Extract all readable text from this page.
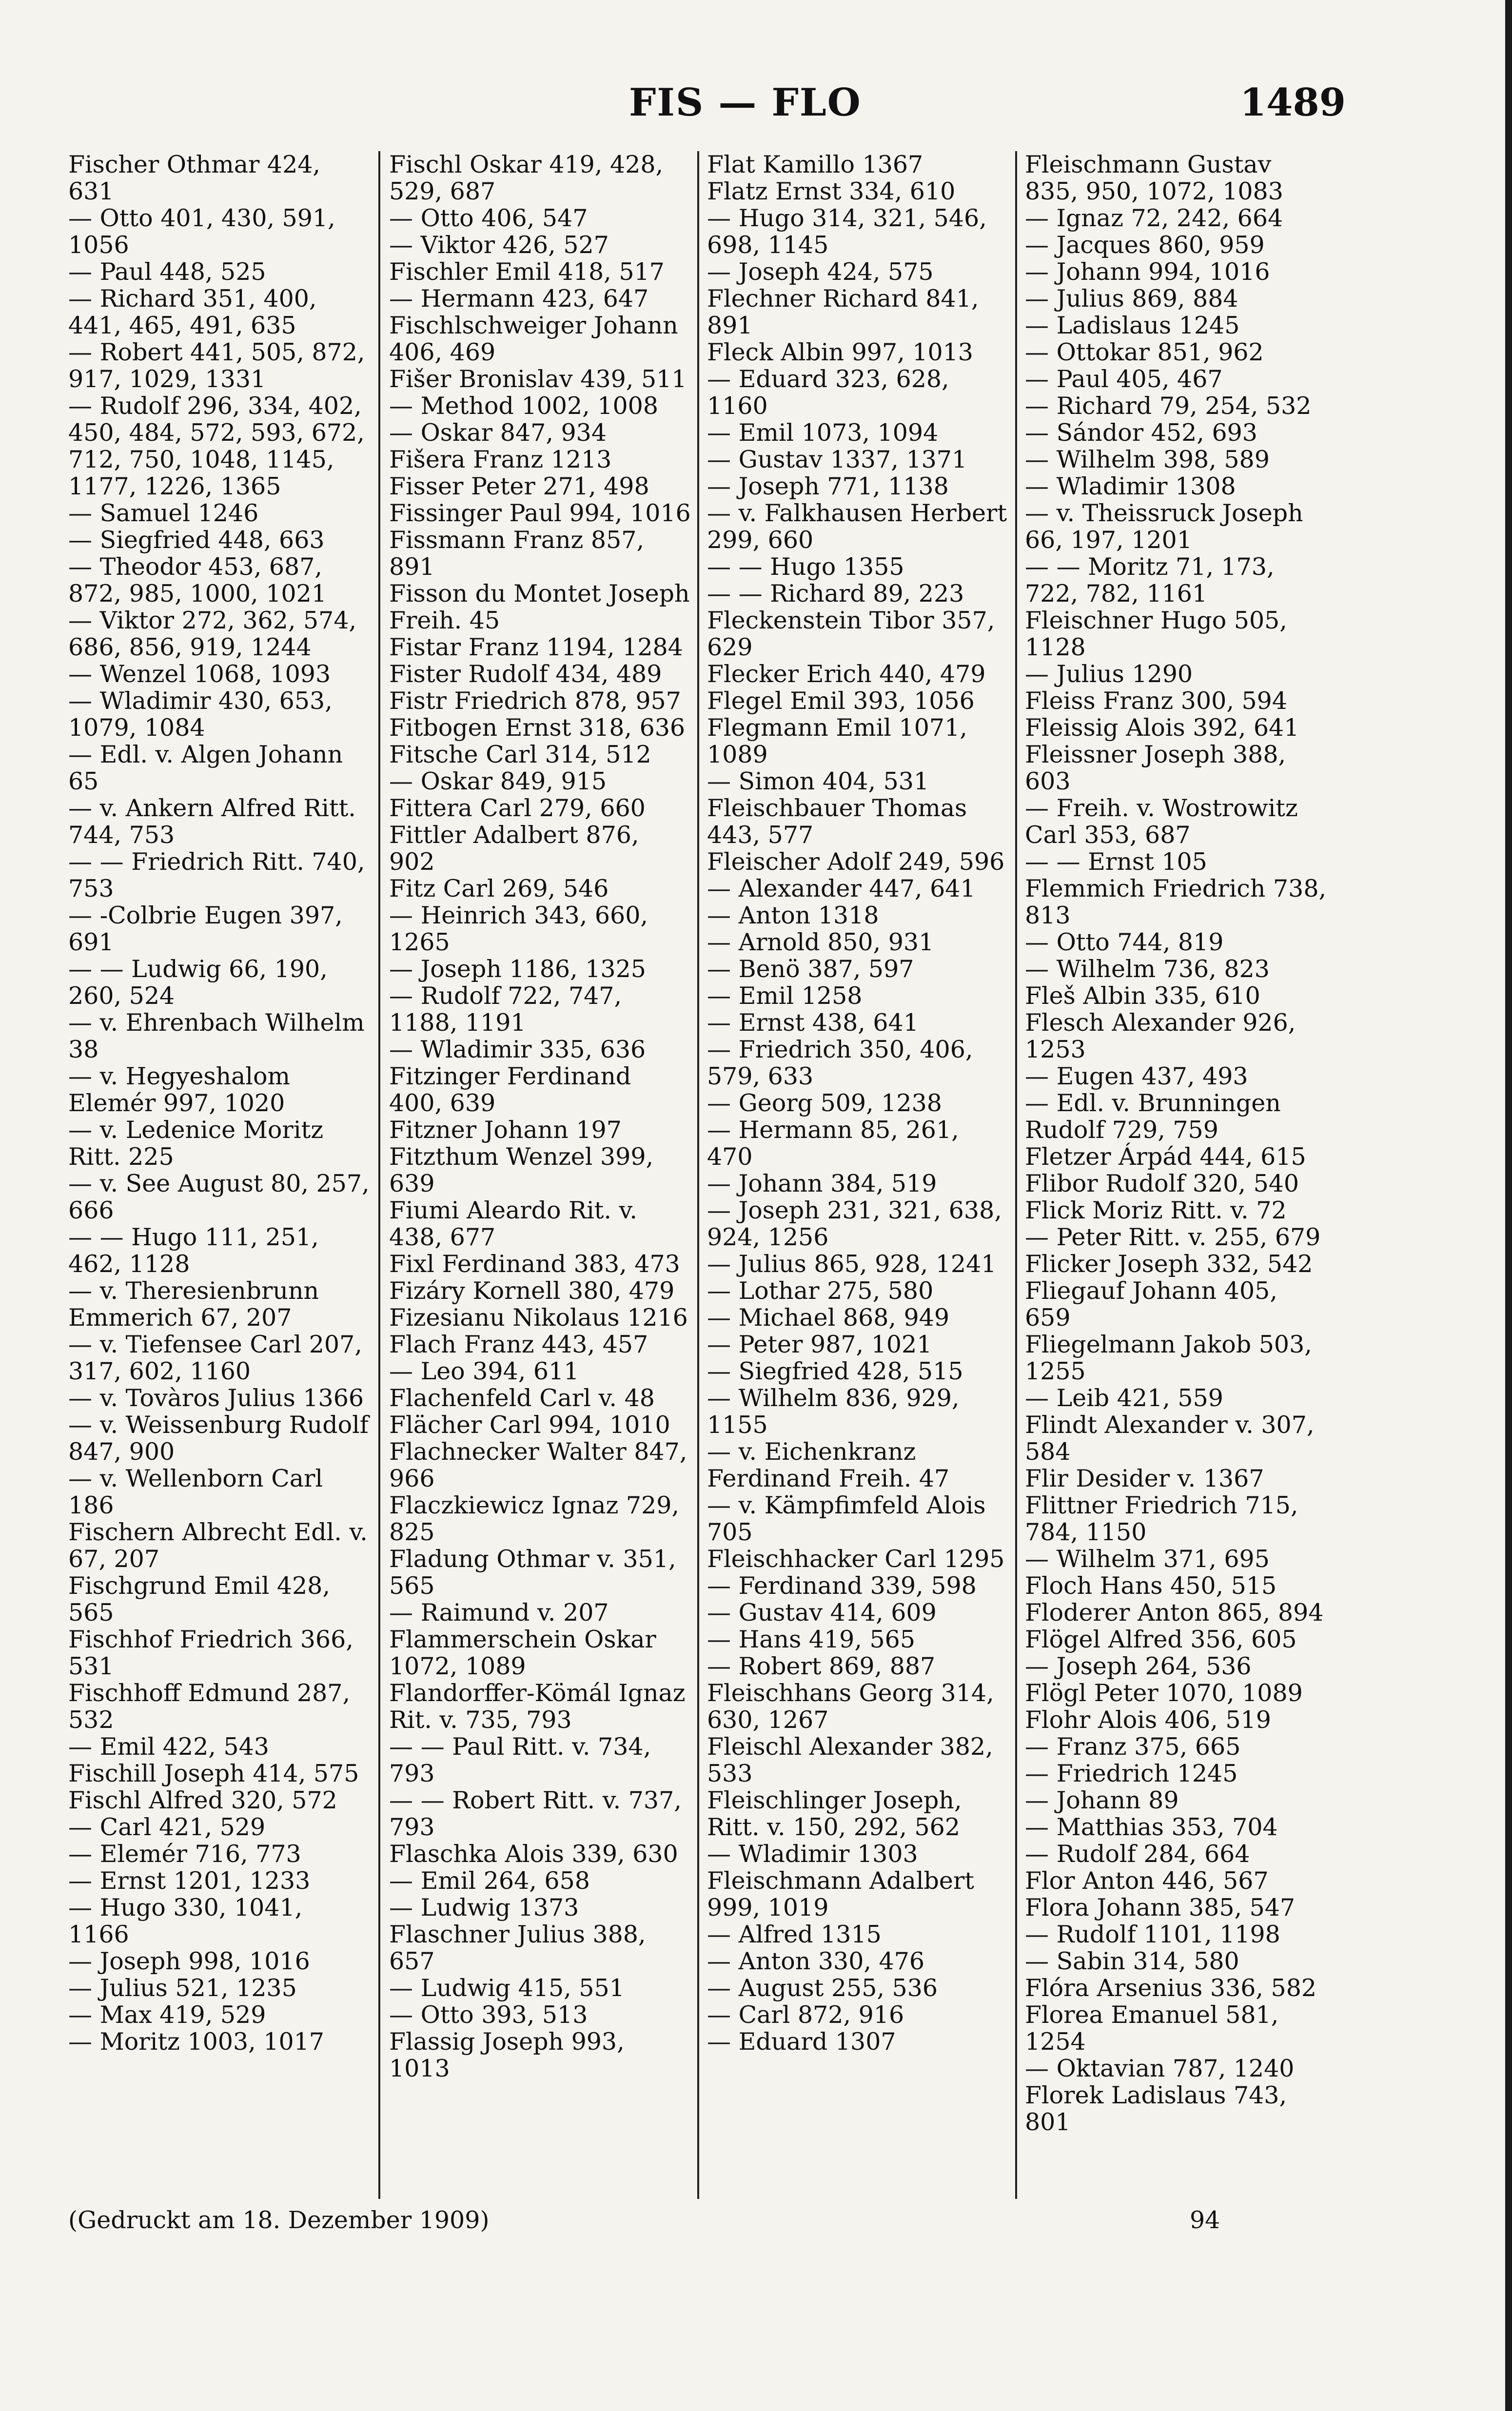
FIS — FLO	1489

Fischer Othmar 424, 631

— Otto 401, 430, 591, 1056

— Paul 448, 525

— Richard 351, 400, 441, 465, 491, 635

— Robert 441, 505, 872, 917, 1029, 1331

— Rudolf 296, 334, 402, 450, 484, 572, 593, 672, 712, 750, 1048, 1145, 1177, 1226, 1365

— Samuel 1246

— Siegfried 448, 663

— Theodor 453, 687, 872, 985, 1000, 1021

— Viktor 272, 362, 574, 686, 856, 919, 1244

— Wenzel 1068, 1093

— Wladimir 430, 653, 1079, 1084

— Edl. v. Algen Johann 65

— v. Ankern Alfred Ritt. 744, 753

— — Friedrich Ritt. 740, 753

— -Colbrie Eugen 397, 691

— — Ludwig 66, 190, 260, 524

— v. Ehrenbach Wilhelm 38

— v. Hegyeshalom Elemér 997, 1020

— v. Ledenice Moritz Ritt. 225

— v. See August 80, 257, 666

— — Hugo 111, 251, 462, 1128

— v. Theresienbrunn Emmerich 67, 207

— v. Tiefensee Carl 207, 317, 602, 1160

— v. Tovàros Julius 1366

— v. Weissenburg Rudolf 847, 900

— v. Wellenborn Carl 186

Fischern Albrecht Edl. v. 67, 207

Fischgrund Emil 428, 565

Fischhof Friedrich 366, 531

Fischhoff Edmund 287, 532

— Emil 422, 543

Fischill Joseph 414, 575

Fischl Alfred 320, 572

— Carl 421, 529

— Elemér 716, 773

— Ernst 1201, 1233

— Hugo 330, 1041, 1166

— Joseph 998, 1016

— Julius 521, 1235

— Max 419, 529

— Moritz 1003, 1017

Fischl Oskar 419, 428, 529, 687

— Otto 406, 547

— Viktor 426, 527

Fischler Emil 418, 517

— Hermann 423, 647

Fischlschweiger Johann 406, 469

Fišer Bronislav 439, 511

— Method 1002, 1008

— Oskar 847, 934

Fišera Franz 1213

Fisser Peter 271, 498

Fissinger Paul 994, 1016

Fissmann Franz 857, 891

Fisson du Montet Joseph Freih. 45

Fistar Franz 1194, 1284

Fister Rudolf 434, 489

Fistr Friedrich 878, 957

Fitbogen Ernst 318, 636

Fitsche Carl 314, 512

— Oskar 849, 915

Fittera Carl 279, 660

Fittler Adalbert 876, 902

Fitz Carl 269, 546

— Heinrich 343, 660, 1265

— Joseph 1186, 1325

— Rudolf 722, 747, 1188, 1191

— Wladimir 335, 636

Fitzinger Ferdinand 400, 639

Fitzner Johann 197

Fitzthum Wenzel 399, 639

Fiumi Aleardo Rit. v. 438, 677

Fixl Ferdinand 383, 473

Fizáry Kornell 380, 479

Fizesianu Nikolaus 1216

Flach Franz 443, 457

— Leo 394, 611

Flachenfeld Carl v. 48

Flächer Carl 994, 1010

Flachnecker Walter 847, 966

Flaczkiewicz Ignaz 729, 825

Fladung Othmar v. 351, 565

— Raimund v. 207

Flammerschein Oskar 1072, 1089

Flandorffer-Kömál Ignaz Rit. v. 735, 793

— — Paul Ritt. v. 734, 793

— — Robert Ritt. v. 737, 793

Flaschka Alois 339, 630

— Emil 264, 658

— Ludwig 1373

Flaschner Julius 388, 657

— Ludwig 415, 551

— Otto 393, 513

Flassig Joseph 993, 1013

Flat Kamillo 1367

Flatz Ernst 334, 610

— Hugo 314, 321, 546, 698, 1145

— Joseph 424, 575

Flechner Richard 841, 891

Fleck Albin 997, 1013

— Eduard 323, 628, 1160

— Emil 1073, 1094

— Gustav 1337, 1371

— Joseph 771, 1138

— v. Falkhausen Herbert 299, 660

— — Hugo 1355

— — Richard 89, 223

Fleckenstein Tibor 357, 629

Flecker Erich 440, 479

Flegel Emil 393, 1056

Flegmann Emil 1071, 1089

— Simon 404, 531

Fleischbauer Thomas 443, 577

Fleischer Adolf 249, 596

— Alexander 447, 641

— Anton 1318

— Arnold 850, 931

— Benö 387, 597

— Emil 1258

— Ernst 438, 641

— Friedrich 350, 406, 579, 633

— Georg 509, 1238

— Hermann 85, 261, 470

— Johann 384, 519

— Joseph 231, 321, 638, 924, 1256

— Julius 865, 928, 1241

— Lothar 275, 580

— Michael 868, 949

— Peter 987, 1021

— Siegfried 428, 515

— Wilhelm 836, 929, 1155

— v. Eichenkranz Ferdinand Freih. 47

— v. Kämpfimfeld Alois 705

Fleischhacker Carl 1295

— Ferdinand 339, 598

— Gustav 414, 609

— Hans 419, 565

— Robert 869, 887

Fleischhans Georg 314, 630, 1267

Fleischl Alexander 382, 533

Fleischlinger Joseph, Ritt. v. 150, 292, 562

— Wladimir 1303

Fleischmann Adalbert 999, 1019

— Alfred 1315

— Anton 330, 476

— August 255, 536

— Carl 872, 916

— Eduard 1307

Fleischmann Gustav 835, 950, 1072, 1083

— Ignaz 72, 242, 664

— Jacques 860, 959

— Johann 994, 1016

— Julius 869, 884

— Ladislaus 1245

— Ottokar 851, 962

— Paul 405, 467

— Richard 79, 254, 532

— Sándor 452, 693

— Wilhelm 398, 589

— Wladimir 1308

— v. Theissruck Joseph 66, 197, 1201

— — Moritz 71, 173, 722, 782, 1161

Fleischner Hugo 505, 1128

— Julius 1290

Fleiss Franz 300, 594

Fleissig Alois 392, 641

Fleissner Joseph 388, 603

— Freih. v. Wostrowitz Carl 353, 687

— — Ernst 105

Flemmich Friedrich 738, 813

— Otto 744, 819

— Wilhelm 736, 823

Fleš Albin 335, 610

Flesch Alexander 926, 1253

— Eugen 437, 493

— Edl. v. Brunningen Rudolf 729, 759

Fletzer Árpád 444, 615

Flibor Rudolf 320, 540

Flick Moriz Ritt. v. 72

— Peter Ritt. v. 255, 679

Flicker Joseph 332, 542

Fliegauf Johann 405, 659

Fliegelmann Jakob 503, 1255

— Leib 421, 559

Flindt Alexander v. 307, 584

Flir Desider v. 1367

Flittner Friedrich 715, 784, 1150

— Wilhelm 371, 695

Floch Hans 450, 515

Floderer Anton 865, 894

Flögel Alfred 356, 605

— Joseph 264, 536

Flögl Peter 1070, 1089

Flohr Alois 406, 519

— Franz 375, 665

— Friedrich 1245

— Johann 89

— Matthias 353, 704

— Rudolf 284, 664

Flor Anton 446, 567

Flora Johann 385, 547

— Rudolf 1101, 1198

— Sabin 314, 580

Flóra Arsenius 336, 582

Florea Emanuel 581, 1254

— Oktavian 787, 1240

Florek Ladislaus 743, 801

(Gedruckt am 18. Dezember 1909)	94
